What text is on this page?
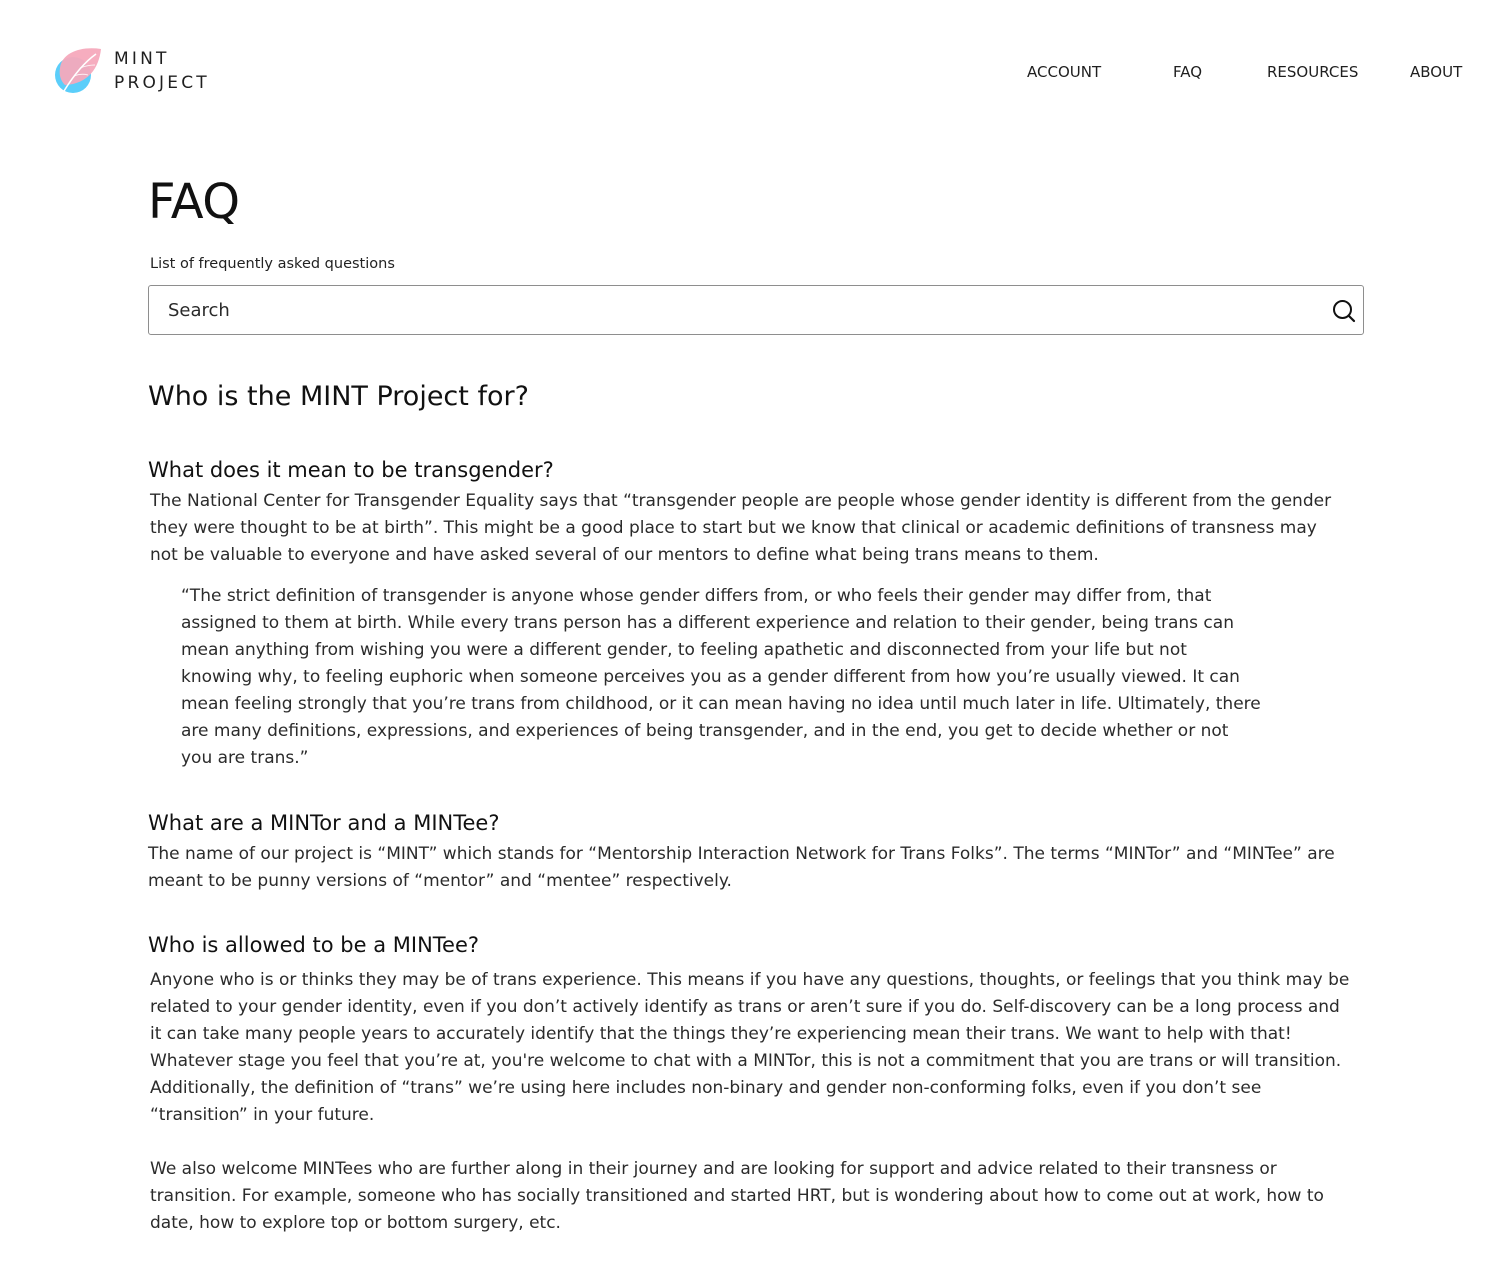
MINT
PROJECT
ACCOUNT	FAQ	RESOURCES	ABOUT
FAQ

List of frequently asked questions

Search
Who is the MINT Project for?
What does it mean to be transgender?

The National Center for Transgender Equality says that “transgender people are people whose gender identity is different from the gender they were thought to be at birth”. This might be a good place to start but we know that clinical or academic definitions of transness may not be valuable to everyone and have asked several of our mentors to define what being trans means to them.

“The strict definition of transgender is anyone whose gender differs from, or who feels their gender may differ from, that assigned to them at birth. While every trans person has a different experience and relation to their gender, being trans can mean anything from wishing you were a different gender, to feeling apathetic and disconnected from your life but not knowing why, to feeling euphoric when someone perceives you as a gender different from how you’re usually viewed. It can mean feeling strongly that you’re trans from childhood, or it can mean having no idea until much later in life. Ultimately, there are many definitions, expressions, and experiences of being transgender, and in the end, you get to decide whether or not you are trans.”
What are a MINTor and a MINTee?

The name of our project is “MINT” which stands for “Mentorship Interaction Network for Trans Folks”. The terms “MINTor” and “MINTee” are meant to be punny versions of “mentor” and “mentee” respectively.

Who is allowed to be a MINTee?

Anyone who is or thinks they may be of trans experience. This means if you have any questions, thoughts, or feelings that you think may be related to your gender identity, even if you don’t actively identify as trans or aren’t sure if you do. Self-discovery can be a long process and it can take many people years to accurately identify that the things they’re experiencing mean their trans. We want to help with that! Whatever stage you feel that you’re at, you're welcome to chat with a MINTor, this is not a commitment that you are trans or will transition. Additionally, the definition of “trans” we’re using here includes non-binary and gender non-conforming folks, even if you don’t see “transition” in your future.

We also welcome MINTees who are further along in their journey and are looking for support and advice related to their transness or transition. For example, someone who has socially transitioned and started HRT, but is wondering about how to come out at work, how to date, how to explore top or bottom surgery, etc.
